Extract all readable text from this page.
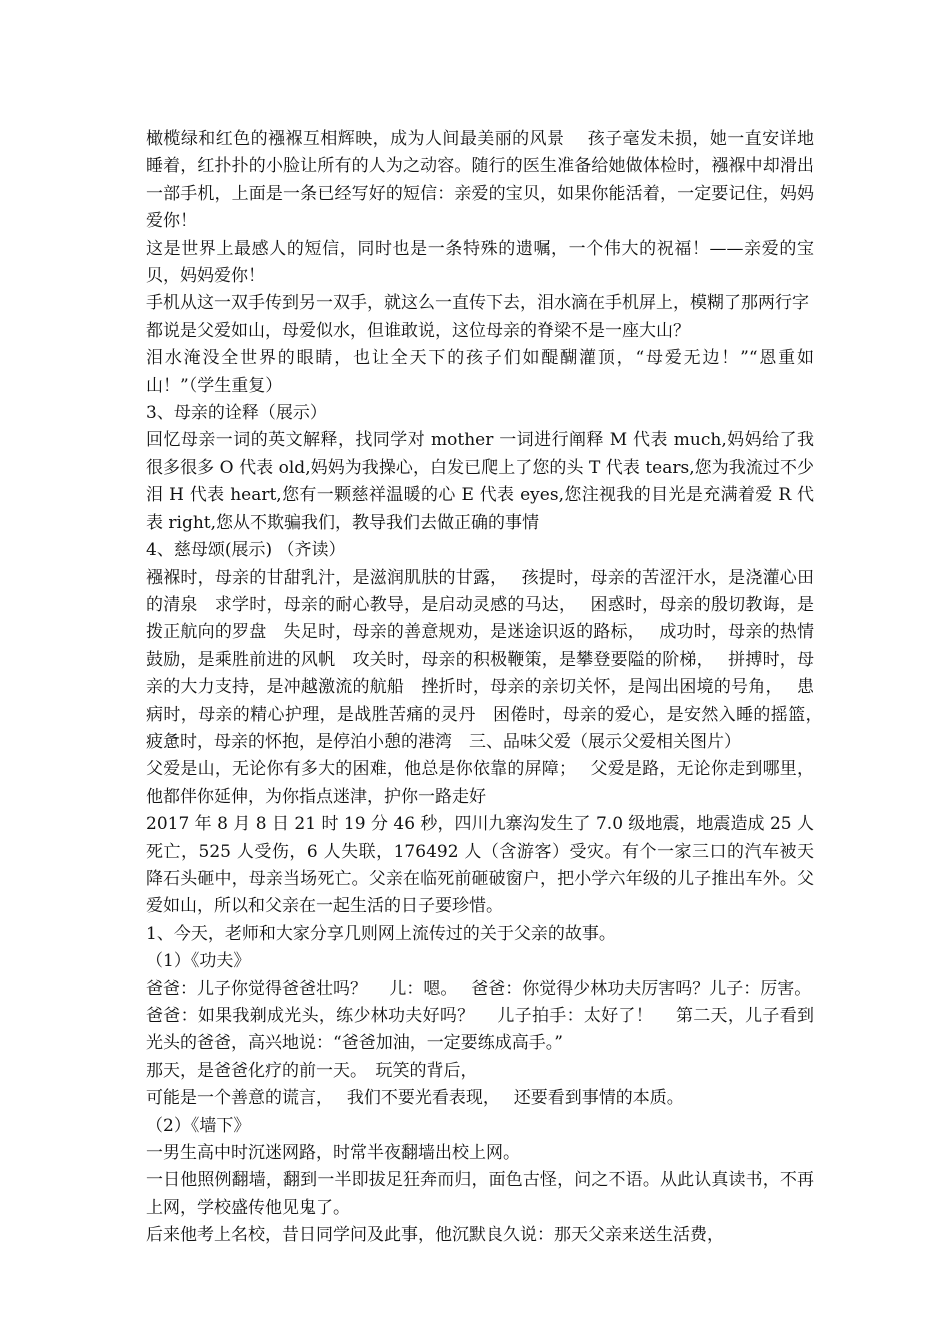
橄榄绿和红色的襁褓互相辉映，成为人间最美丽的风景　 孩子毫发未损，她一直安详地睡着，红扑扑的小脸让所有的人为之动容。随行的医生准备给她做体检时，襁褓中却滑出一部手机，上面是一条已经写好的短信：亲爱的宝贝，如果你能活着，一定要记住，妈妈爱你！

这是世界上最感人的短信，同时也是一条特殊的遗嘱，一个伟大的祝福！——亲爱的宝贝，妈妈爱你！

手机从这一双手传到另一双手，就这么一直传下去，泪水滴在手机屏上，模糊了那两行字

都说是父爱如山，母爱似水，但谁敢说，这位母亲的脊梁不是一座大山？

泪水淹没全世界的眼睛，也让全天下的孩子们如醍醐灌顶，“母爱无边！”“恩重如山！”（学生重复）

3、母亲的诠释（展示）

回忆母亲一词的英文解释，找同学对 mother 一词进行阐释 M 代表 much,妈妈给了我很多很多 O 代表 old,妈妈为我操心，白发已爬上了您的头 T 代表 tears,您为我流过不少泪 H 代表 heart,您有一颗慈祥温暖的心 E 代表 eyes,您注视我的目光是充满着爱 R 代表 right,您从不欺骗我们，教导我们去做正确的事情

4、慈母颂(展示) （齐读）

襁褓时，母亲的甘甜乳汁，是滋润肌肤的甘露，　 孩提时，母亲的苦涩汗水，是浇灌心田的清泉　求学时，母亲的耐心教导，是启动灵感的马达，　 困惑时，母亲的殷切教诲，是拨正航向的罗盘　失足时，母亲的善意规劝，是迷途识返的路标，　 成功时，母亲的热情鼓励，是乘胜前进的风帆　攻关时，母亲的积极鞭策，是攀登要隘的阶梯，　 拼搏时，母亲的大力支持，是冲越激流的航船　挫折时，母亲的亲切关怀，是闯出困境的号角，　 患病时，母亲的精心护理，是战胜苦痛的灵丹　困倦时，母亲的爱心，是安然入睡的摇篮，　 疲惫时，母亲的怀抱，是停泊小憩的港湾　三、品味父爱（展示父爱相关图片）

父爱是山，无论你有多大的困难，他总是你依靠的屏障；　 父爱是路，无论你走到哪里，他都伴你延伸，为你指点迷津，护你一路走好

2017 年 8 月 8 日 21 时 19 分 46 秒，四川九寨沟发生了 7.0 级地震，地震造成 25 人死亡，525 人受伤，6 人失联，176492 人（含游客）受灾。有个一家三口的汽车被天降石头砸中，母亲当场死亡。父亲在临死前砸破窗户，把小学六年级的儿子推出车外。父爱如山，所以和父亲在一起生活的日子要珍惜。

1、今天，老师和大家分享几则网上流传过的关于父亲的故事。

（1）《功夫》

爸爸：儿子你觉得爸爸壮吗？　 儿：嗯。　 爸爸：你觉得少林功夫厉害吗？儿子：厉害。

爸爸：如果我剃成光头，练少林功夫好吗？　 儿子拍手：太好了！　 第二天，儿子看到光头的爸爸，高兴地说：“爸爸加油，一定要练成高手。”

那天，是爸爸化疗的前一天。　玩笑的背后，

可能是一个善意的谎言，　 我们不要光看表现，　 还要看到事情的本质。

（2）《墙下》

一男生高中时沉迷网路，时常半夜翻墙出校上网。

一日他照例翻墙，翻到一半即拔足狂奔而归，面色古怪，问之不语。从此认真读书，不再上网，学校盛传他见鬼了。

后来他考上名校，昔日同学问及此事，他沉默良久说：那天父亲来送生活费，
